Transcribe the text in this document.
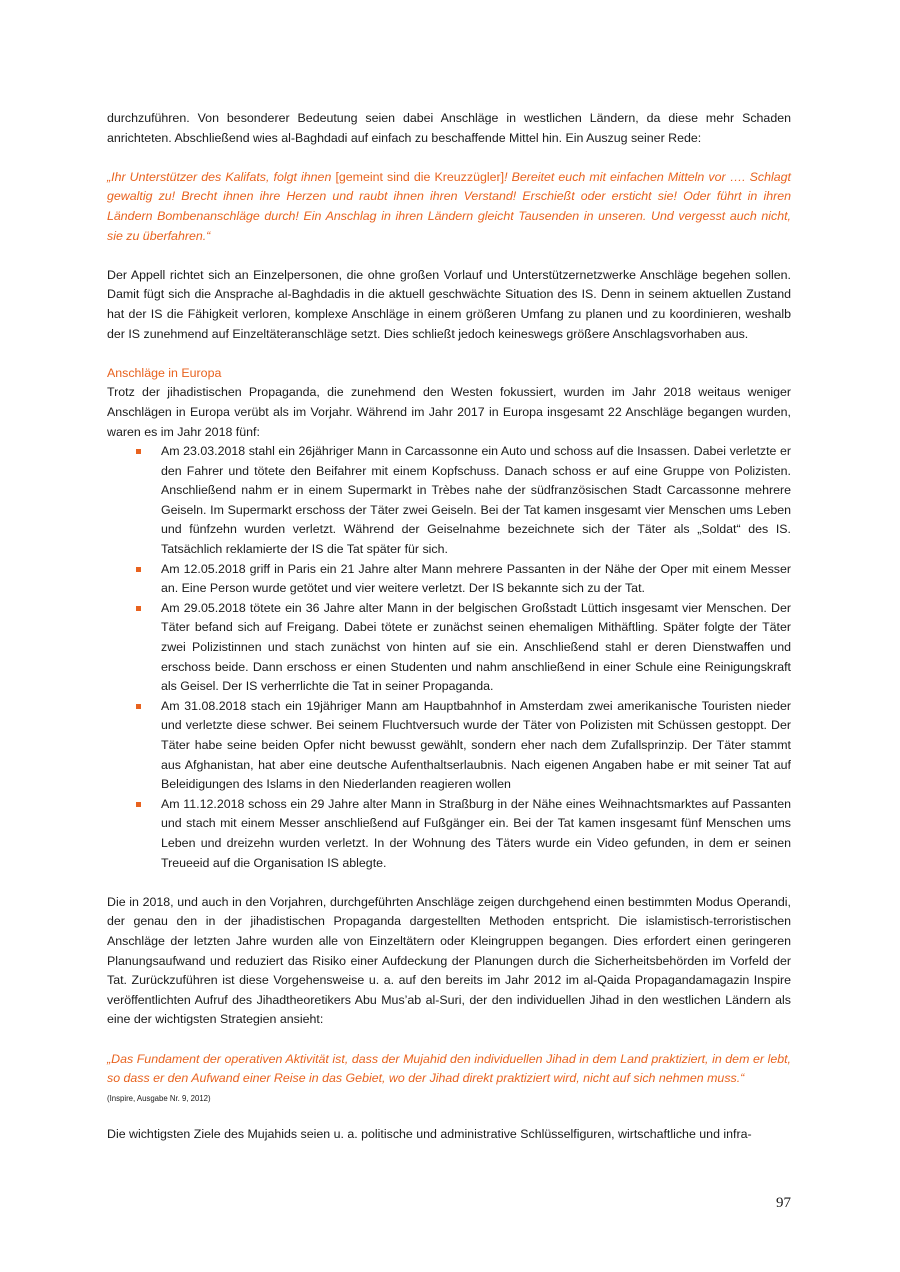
durchzuführen. Von besonderer Bedeutung seien dabei Anschläge in westlichen Ländern, da diese mehr Schaden anrichteten. Abschließend wies al-Baghdadi auf einfach zu beschaffende Mittel hin. Ein Auszug seiner Rede:

„Ihr Unterstützer des Kalifats, folgt ihnen [gemeint sind die Kreuzzügler]! Bereitet euch mit einfachen Mitteln vor …. Schlagt gewaltig zu! Brecht ihnen ihre Herzen und raubt ihnen ihren Verstand! Erschießt oder ersticht sie! Oder führt in ihren Ländern Bombenanschläge durch! Ein Anschlag in ihren Ländern gleicht Tausenden in unseren. Und vergesst auch nicht, sie zu überfahren.“

Der Appell richtet sich an Einzelpersonen, die ohne großen Vorlauf und Unterstützernetzwerke Anschläge begehen sollen. Damit fügt sich die Ansprache al-Baghdadis in die aktuell geschwächte Situation des IS. Denn in seinem aktuellen Zustand hat der IS die Fähigkeit verloren, komplexe Anschläge in einem größeren Umfang zu planen und zu koordinieren, weshalb der IS zunehmend auf Einzeltäteranschläge setzt. Dies schließt jedoch keineswegs größere Anschlagsvorhaben aus.

Anschläge in Europa

Trotz der jihadistischen Propaganda, die zunehmend den Westen fokussiert, wurden im Jahr 2018 weitaus weniger Anschlägen in Europa verübt als im Vorjahr. Während im Jahr 2017 in Europa insgesamt 22 Anschläge begangen wurden, waren es im Jahr 2018 fünf:

Am 23.03.2018 stahl ein 26jähriger Mann in Carcassonne ein Auto und schoss auf die Insassen. Dabei verletzte er den Fahrer und tötete den Beifahrer mit einem Kopfschuss. Danach schoss er auf eine Gruppe von Polizisten. Anschließend nahm er in einem Supermarkt in Trèbes nahe der südfranzösischen Stadt Carcassonne mehrere Geiseln. Im Supermarkt erschoss der Täter zwei Geiseln. Bei der Tat kamen insgesamt vier Menschen ums Leben und fünfzehn wurden verletzt. Während der Geiselnahme bezeichnete sich der Täter als „Soldat“ des IS. Tatsächlich reklamierte der IS die Tat später für sich.
Am 12.05.2018 griff in Paris ein 21 Jahre alter Mann mehrere Passanten in der Nähe der Oper mit einem Messer an. Eine Person wurde getötet und vier weitere verletzt. Der IS bekannte sich zu der Tat.
Am 29.05.2018 tötete ein 36 Jahre alter Mann in der belgischen Großstadt Lüttich insgesamt vier Menschen. Der Täter befand sich auf Freigang. Dabei tötete er zunächst seinen ehemaligen Mithäftling. Später folgte der Täter zwei Polizistinnen und stach zunächst von hinten auf sie ein. Anschließend stahl er deren Dienstwaffen und erschoss beide. Dann erschoss er einen Studenten und nahm anschließend in einer Schule eine Reinigungskraft als Geisel. Der IS verherrlichte die Tat in seiner Propaganda.
Am 31.08.2018 stach ein 19jähriger Mann am Hauptbahnhof in Amsterdam zwei amerikanische Touristen nieder und verletzte diese schwer. Bei seinem Fluchtversuch wurde der Täter von Polizisten mit Schüssen gestoppt. Der Täter habe seine beiden Opfer nicht bewusst gewählt, sondern eher nach dem Zufallsprinzip. Der Täter stammt aus Afghanistan, hat aber eine deutsche Aufenthaltserlaubnis. Nach eigenen Angaben habe er mit seiner Tat auf Beleidigungen des Islams in den Niederlanden reagieren wollen
Am 11.12.2018 schoss ein 29 Jahre alter Mann in Straßburg in der Nähe eines Weihnachtsmarktes auf Passanten und stach mit einem Messer anschließend auf Fußgänger ein. Bei der Tat kamen insgesamt fünf Menschen ums Leben und dreizehn wurden verletzt. In der Wohnung des Täters wurde ein Video gefunden, in dem er seinen Treueeid auf die Organisation IS ablegte.

Die in 2018, und auch in den Vorjahren, durchgeführten Anschläge zeigen durchgehend einen bestimmten Modus Operandi, der genau den in der jihadistischen Propaganda dargestellten Methoden entspricht. Die islamistisch-terroristischen Anschläge der letzten Jahre wurden alle von Einzeltätern oder Kleingruppen begangen. Dies erfordert einen geringeren Planungsaufwand und reduziert das Risiko einer Aufdeckung der Planungen durch die Sicherheitsbehörden im Vorfeld der Tat. Zurückzuführen ist diese Vorgehensweise u. a. auf den bereits im Jahr 2012 im al-Qaida Propagandamagazin Inspire veröffentlichten Aufruf des Jihadtheoretikers Abu Mus’ab al-Suri, der den individuellen Jihad in den westlichen Ländern als eine der wichtigsten Strategien ansieht:

„Das Fundament der operativen Aktivität ist, dass der Mujahid den individuellen Jihad in dem Land praktiziert, in dem er lebt, so dass er den Aufwand einer Reise in das Gebiet, wo der Jihad direkt praktiziert wird, nicht auf sich nehmen muss.“

(Inspire, Ausgabe Nr. 9, 2012)

Die wichtigsten Ziele des Mujahids seien u. a. politische und administrative Schlüsselfiguren, wirtschaftliche und infra-

97
